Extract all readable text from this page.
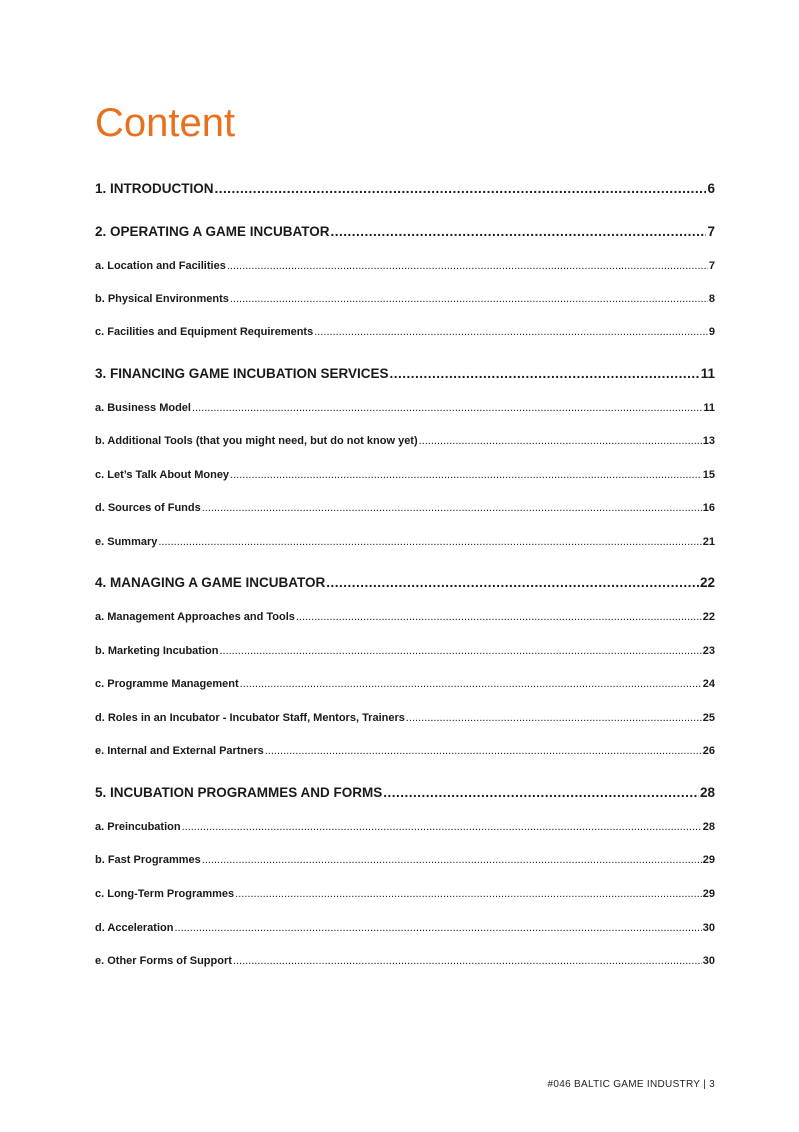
Content
1. INTRODUCTION .....	6
2. OPERATING A GAME INCUBATOR .....	7
a. Location and Facilities .....	7
b. Physical Environments .....	8
c. Facilities and Equipment Requirements .....	9
3. FINANCING GAME INCUBATION SERVICES .....	11
a. Business Model .....	11
b. Additional Tools (that you might need, but do not know yet) .....	13
c. Let’s Talk About Money .....	15
d. Sources of Funds .....	16
e. Summary .....	21
4. MANAGING A GAME INCUBATOR .....	22
a. Management Approaches and Tools .....	22
b. Marketing Incubation .....	23
c. Programme Management .....	24
d. Roles in an Incubator - Incubator Staff, Mentors, Trainers .....	25
e. Internal and External Partners .....	26
5. INCUBATION PROGRAMMES AND FORMS .....	28
a. Preincubation .....	28
b. Fast Programmes .....	29
c. Long-Term Programmes .....	29
d. Acceleration .....	30
e. Other Forms of Support .....	30
#046 BALTIC GAME INDUSTRY | 3
